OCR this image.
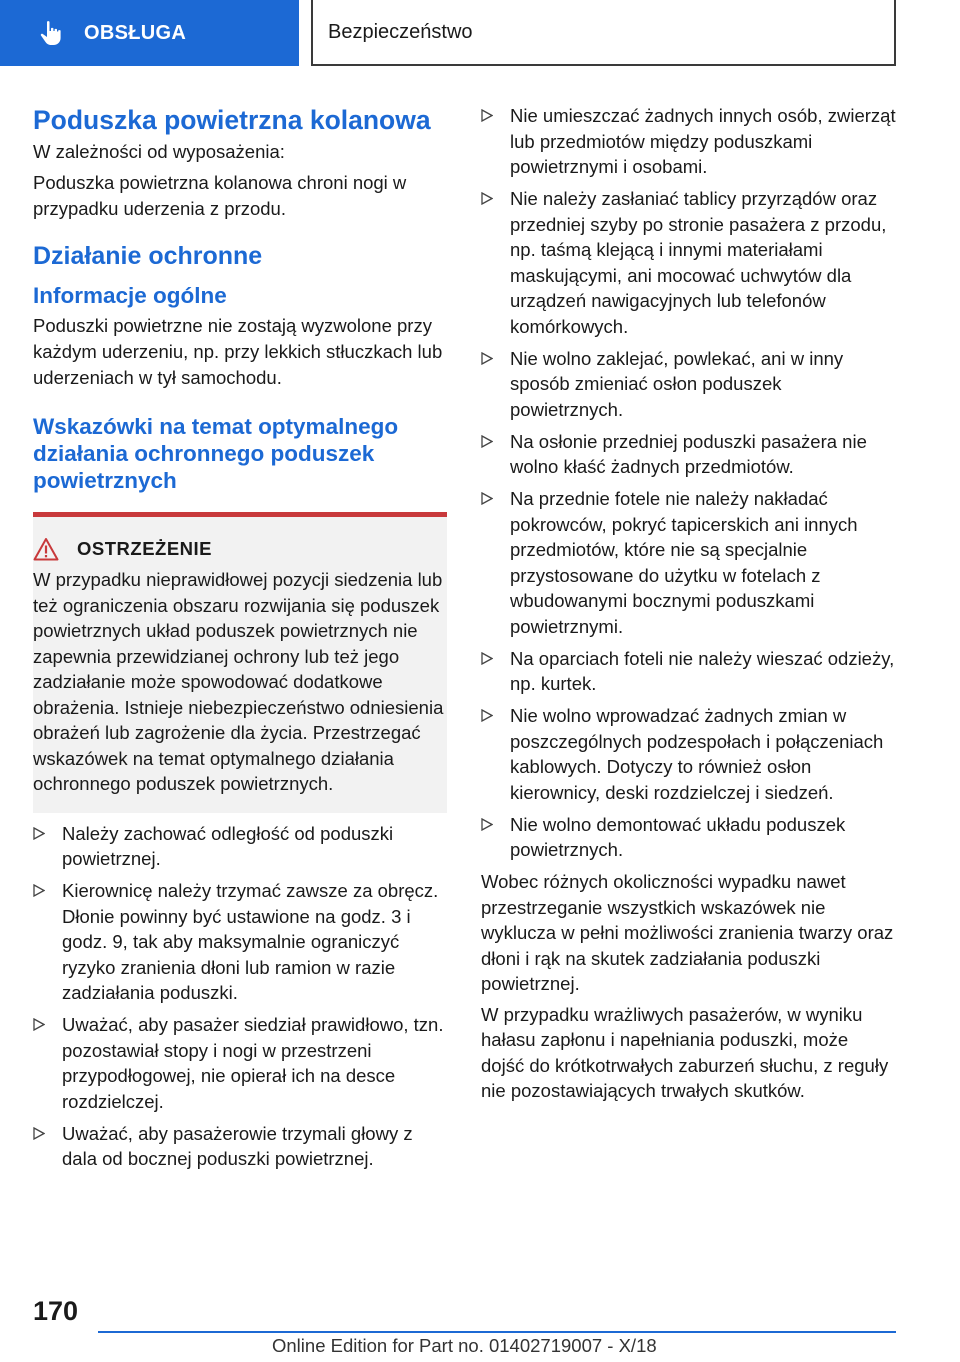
OBSŁUGA	Bezpieczeństwo
Poduszka powietrzna kolanowa

W zależności od wyposażenia:

Poduszka powietrzna kolanowa chroni nogi w przypadku uderzenia z przodu.

Działanie ochronne
Informacje ogólne

Poduszki powietrzne nie zostają wyzwolone przy każdym uderzeniu, np. przy lekkich stłuczkach lub uderzeniach w tył samochodu.

Wskazówki na temat optymalnego działania ochronnego poduszek powietrznych
OSTRZEŻENIE
W przypadku nieprawidłowej pozycji siedzenia lub też ograniczenia obszaru rozwijania się poduszek powietrznych układ poduszek powietrznych nie zapewnia przewidzianej ochrony lub też jego zadziałanie może spowodować dodatkowe obrażenia. Istnieje niebezpieczeństwo odniesienia obrażeń lub zagrożenie dla życia. Przestrzegać wskazówek na temat optymalnego działania ochronnego poduszek powietrznych.
Należy zachować odległość od poduszki powietrznej.
Kierownicę należy trzymać zawsze za obręcz. Dłonie powinny być ustawione na godz. 3 i godz. 9, tak aby maksymalnie ograniczyć ryzyko zranienia dłoni lub ramion w razie zadziałania poduszki.
Uważać, aby pasażer siedział prawidłowo, tzn. pozostawiał stopy i nogi w przestrzeni przypodłogowej, nie opierał ich na desce rozdzielczej.
Uważać, aby pasażerowie trzymali głowy z dala od bocznej poduszki powietrznej.
Nie umieszczać żadnych innych osób, zwierząt lub przedmiotów między poduszkami powietrznymi i osobami.
Nie należy zasłaniać tablicy przyrządów oraz przedniej szyby po stronie pasażera z przodu, np. taśmą klejącą i innymi materiałami maskującymi, ani mocować uchwytów dla urządzeń nawigacyjnych lub telefonów komórkowych.
Nie wolno zaklejać, powlekać, ani w inny sposób zmieniać osłon poduszek powietrznych.
Na osłonie przedniej poduszki pasażera nie wolno kłaść żadnych przedmiotów.
Na przednie fotele nie należy nakładać pokrowców, pokryć tapicerskich ani innych przedmiotów, które nie są specjalnie przystosowane do użytku w fotelach z wbudowanymi bocznymi poduszkami powietrznymi.
Na oparciach foteli nie należy wieszać odzieży, np. kurtek.
Nie wolno wprowadzać żadnych zmian w poszczególnych podzespołach i połączeniach kablowych. Dotyczy to również osłon kierownicy, deski rozdzielczej i siedzeń.
Nie wolno demontować układu poduszek powietrznych.

Wobec różnych okoliczności wypadku nawet przestrzeganie wszystkich wskazówek nie wyklucza w pełni możliwości zranienia twarzy oraz dłoni i rąk na skutek zadziałania poduszki powietrznej.

W przypadku wrażliwych pasażerów, w wyniku hałasu zapłonu i napełniania poduszki, może dojść do krótkotrwałych zaburzeń słuchu, z reguły nie pozostawiających trwałych skutków.

170
Online Edition for Part no. 01402719007 - X/18
